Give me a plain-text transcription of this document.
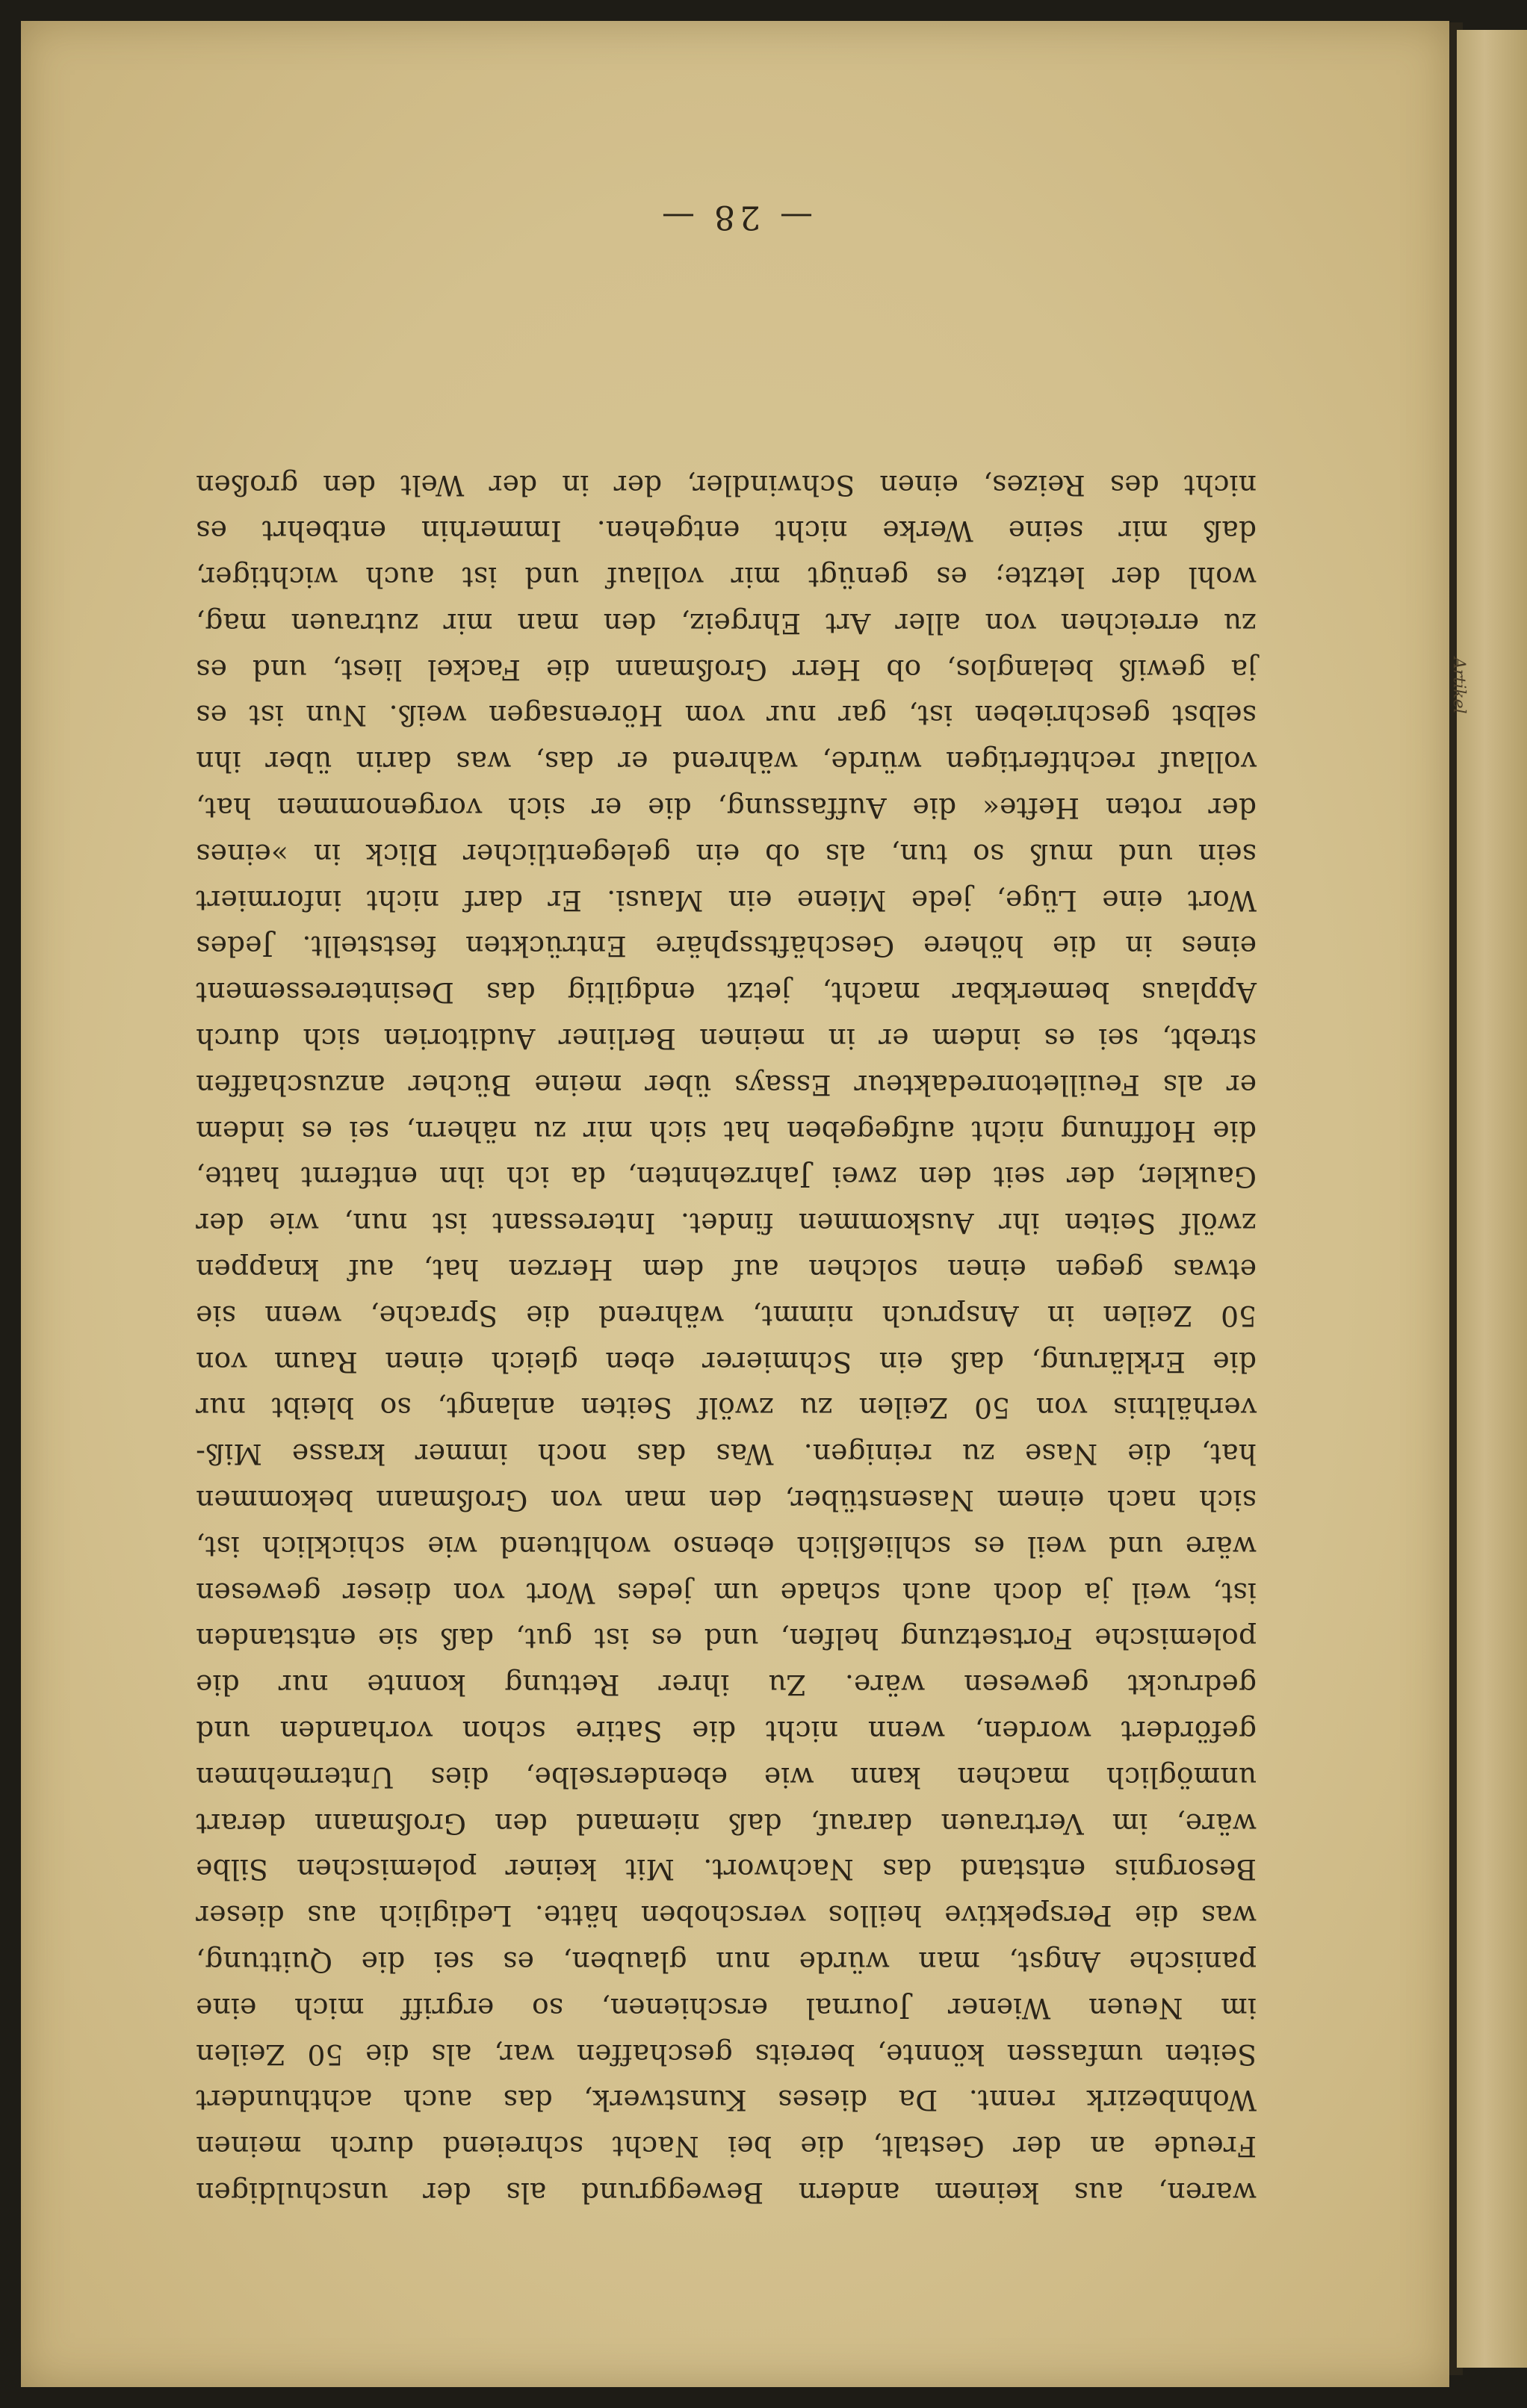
Artikel
waren, aus keinem andern Beweggrund als der unschuldigen
Freude an der Gestalt, die bei Nacht schreiend durch meinen
Wohnbezirk rennt. Da dieses Kunstwerk, das auch achthundert
Seiten umfassen könnte, bereits geschaffen war, als die 50 Zeilen
im Neuen Wiener Journal erschienen, so ergriff mich eine
panische Angst, man würde nun glauben, es sei die Quittung,
was die Perspektive heillos verschoben hätte. Lediglich aus dieser
Besorgnis entstand das Nachwort. Mit keiner polemischen Silbe
wäre, im Vertrauen darauf, daß niemand den Großmann derart
unmöglich machen kann wie ebenderselbe, dies Unternehmen
gefördert worden, wenn nicht die Satire schon vorhanden und
gedruckt gewesen wäre. Zu ihrer Rettung konnte nur die
polemische Fortsetzung helfen, und es ist gut, daß sie entstanden
ist, weil ja doch auch schade um jedes Wort von dieser gewesen
wäre und weil es schließlich ebenso wohltuend wie schicklich ist,
sich nach einem Nasenstüber, den man von Großmann bekommen
hat, die Nase zu reinigen. Was das noch immer krasse Miß-
verhältnis von 50 Zeilen zu zwölf Seiten anlangt, so bleibt nur
die Erklärung, daß ein Schmierer eben gleich einen Raum von
50 Zeilen in Anspruch nimmt, während die Sprache, wenn sie
etwas gegen einen solchen auf dem Herzen hat, auf knappen
zwölf Seiten ihr Auskommen findet. Interessant ist nun, wie der
Gaukler, der seit den zwei Jahrzehnten, da ich ihn entfernt hatte,
die Hoffnung nicht aufgegeben hat sich mir zu nähern, sei es indem
er als Feuilletonredakteur Essays über meine Bücher anzuschaffen
strebt, sei es indem er in meinen Berliner Auditorien sich durch
Applaus bemerkbar macht, jetzt endgiltig das Desinteressement
eines in die höhere Geschäftssphäre Entrückten feststellt. Jedes
Wort eine Lüge, jede Miene ein Mausi. Er darf nicht informiert
sein und muß so tun, als ob ein gelegentlicher Blick in »eines
der roten Hefte« die Auffassung, die er sich vorgenommen hat,
vollauf rechtfertigen würde, während er das, was darin über ihn
selbst geschrieben ist, gar nur vom Hörensagen weiß. Nun ist es
ja gewiß belanglos, ob Herr Großmann die Fackel liest, und es
zu erreichen von aller Art Ehrgeiz, den man mir zutrauen mag,
wohl der letzte; es genügt mir vollauf und ist auch wichtiger,
daß mir seine Werke nicht entgehen. Immerhin entbehrt es
nicht des Reizes, einen Schwindler, der in der Welt den großen
— 28 —
